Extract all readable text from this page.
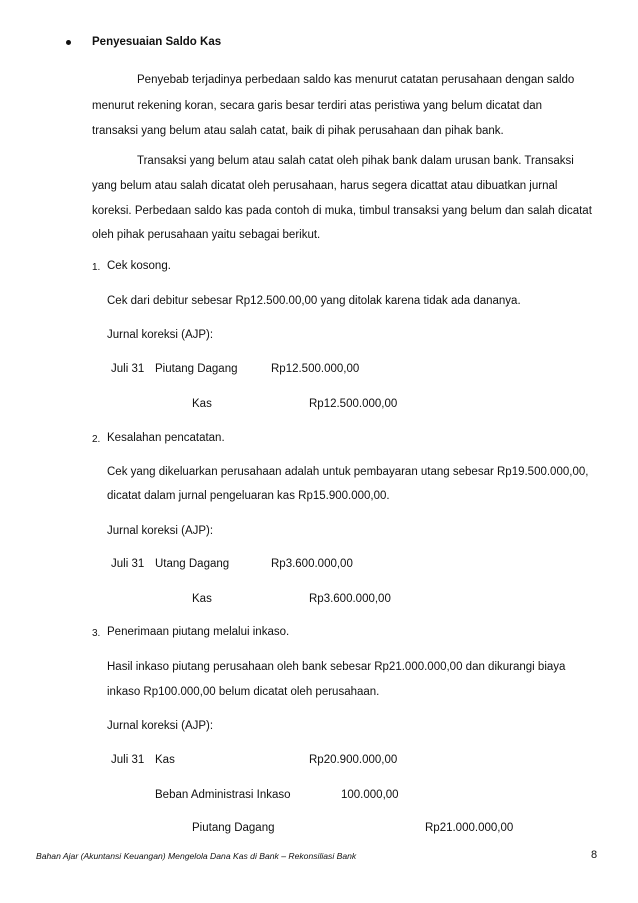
Penyesuaian Saldo Kas
Penyebab terjadinya perbedaan saldo kas menurut catatan perusahaan dengan saldo
menurut rekening koran, secara garis besar terdiri atas peristiwa yang belum dicatat dan
transaksi yang belum atau salah catat, baik di pihak perusahaan dan pihak bank.
Transaksi yang belum atau salah catat oleh pihak bank dalam urusan bank. Transaksi
yang belum atau salah dicatat oleh perusahaan, harus segera dicattat atau dibuatkan jurnal
koreksi. Perbedaan saldo kas pada contoh di muka, timbul transaksi yang belum dan salah dicatat
oleh pihak perusahaan yaitu sebagai berikut.
1. Cek kosong.
Cek dari debitur sebesar Rp12.500.00,00 yang ditolak karena tidak ada dananya.
Jurnal koreksi (AJP):
Juli 31 Piutang Dagang	Rp12.500.000,00
Kas	Rp12.500.000,00
2. Kesalahan pencatatan.
Cek yang dikeluarkan perusahaan adalah untuk pembayaran utang sebesar Rp19.500.000,00,
dicatat dalam jurnal pengeluaran kas Rp15.900.000,00.
Jurnal koreksi (AJP):
Juli 31 Utang Dagang	Rp3.600.000,00
Kas	Rp3.600.000,00
3. Penerimaan piutang melalui inkaso.
Hasil inkaso piutang perusahaan oleh bank sebesar Rp21.000.000,00 dan dikurangi biaya
inkaso Rp100.000,00 belum dicatat oleh perusahaan.
Jurnal koreksi (AJP):
Juli 31 Kas	Rp20.900.000,00
Beban Administrasi Inkaso	100.000,00
Piutang Dagang	Rp21.000.000,00
Bahan Ajar (Akuntansi Keuangan) Mengelola Dana Kas di Bank – Rekonsiliasi Bank	8
